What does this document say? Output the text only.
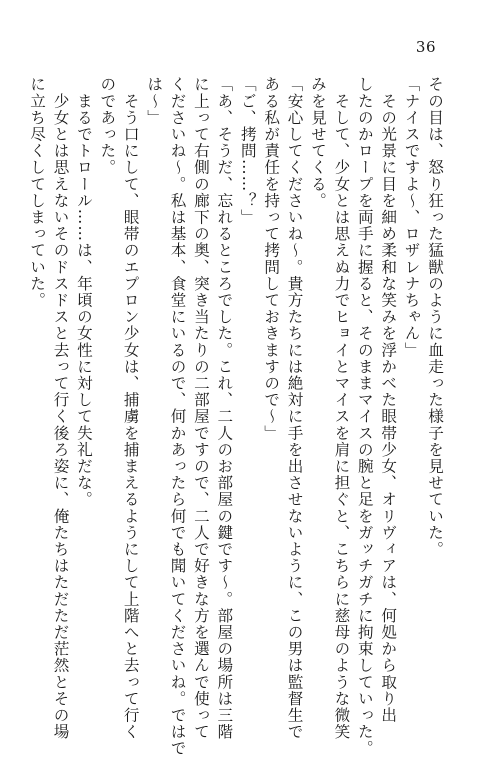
36
その目は、怒り狂った猛獣のように血走った様子を見せていた。
「ナイスですよ〜、ロザレナちゃん」
　その光景に目を細め柔和な笑みを浮かべた眼帯少女、オリヴィアは、何処から取り出
したのかロープを両手に握ると、そのままマイスの腕と足をガッチガチに拘束していった。
　そして、少女とは思えぬ力でヒョイとマイスを肩に担ぐと、こちらに慈母のような微笑
みを見せてくる。
「安心してくださいね〜。貴方たちには絶対に手を出させないように、この男は監督生で
ある私が責任を持って拷問しておきますので〜」
「ご、拷問……？」
「あ、そうだ、忘れるところでした。これ、二人のお部屋の鍵です〜。部屋の場所は三階
に上って右側の廊下の奥、突き当たりの二部屋ですので、二人で好きな方を選んで使って
くださいね〜。私は基本、食堂にいるので、何かあったら何でも聞いてくださいね。ではで
は〜」
　そう口にして、眼帯のエプロン少女は、捕虜を捕まえるようにして上階へと去って行く
のであった。
　まるでトロール……は、年頃の女性に対して失礼だな。
　少女とは思えないそのドスドスと去って行く後ろ姿に、俺たちはただただ茫然とその場
に立ち尽くしてしまっていた。
